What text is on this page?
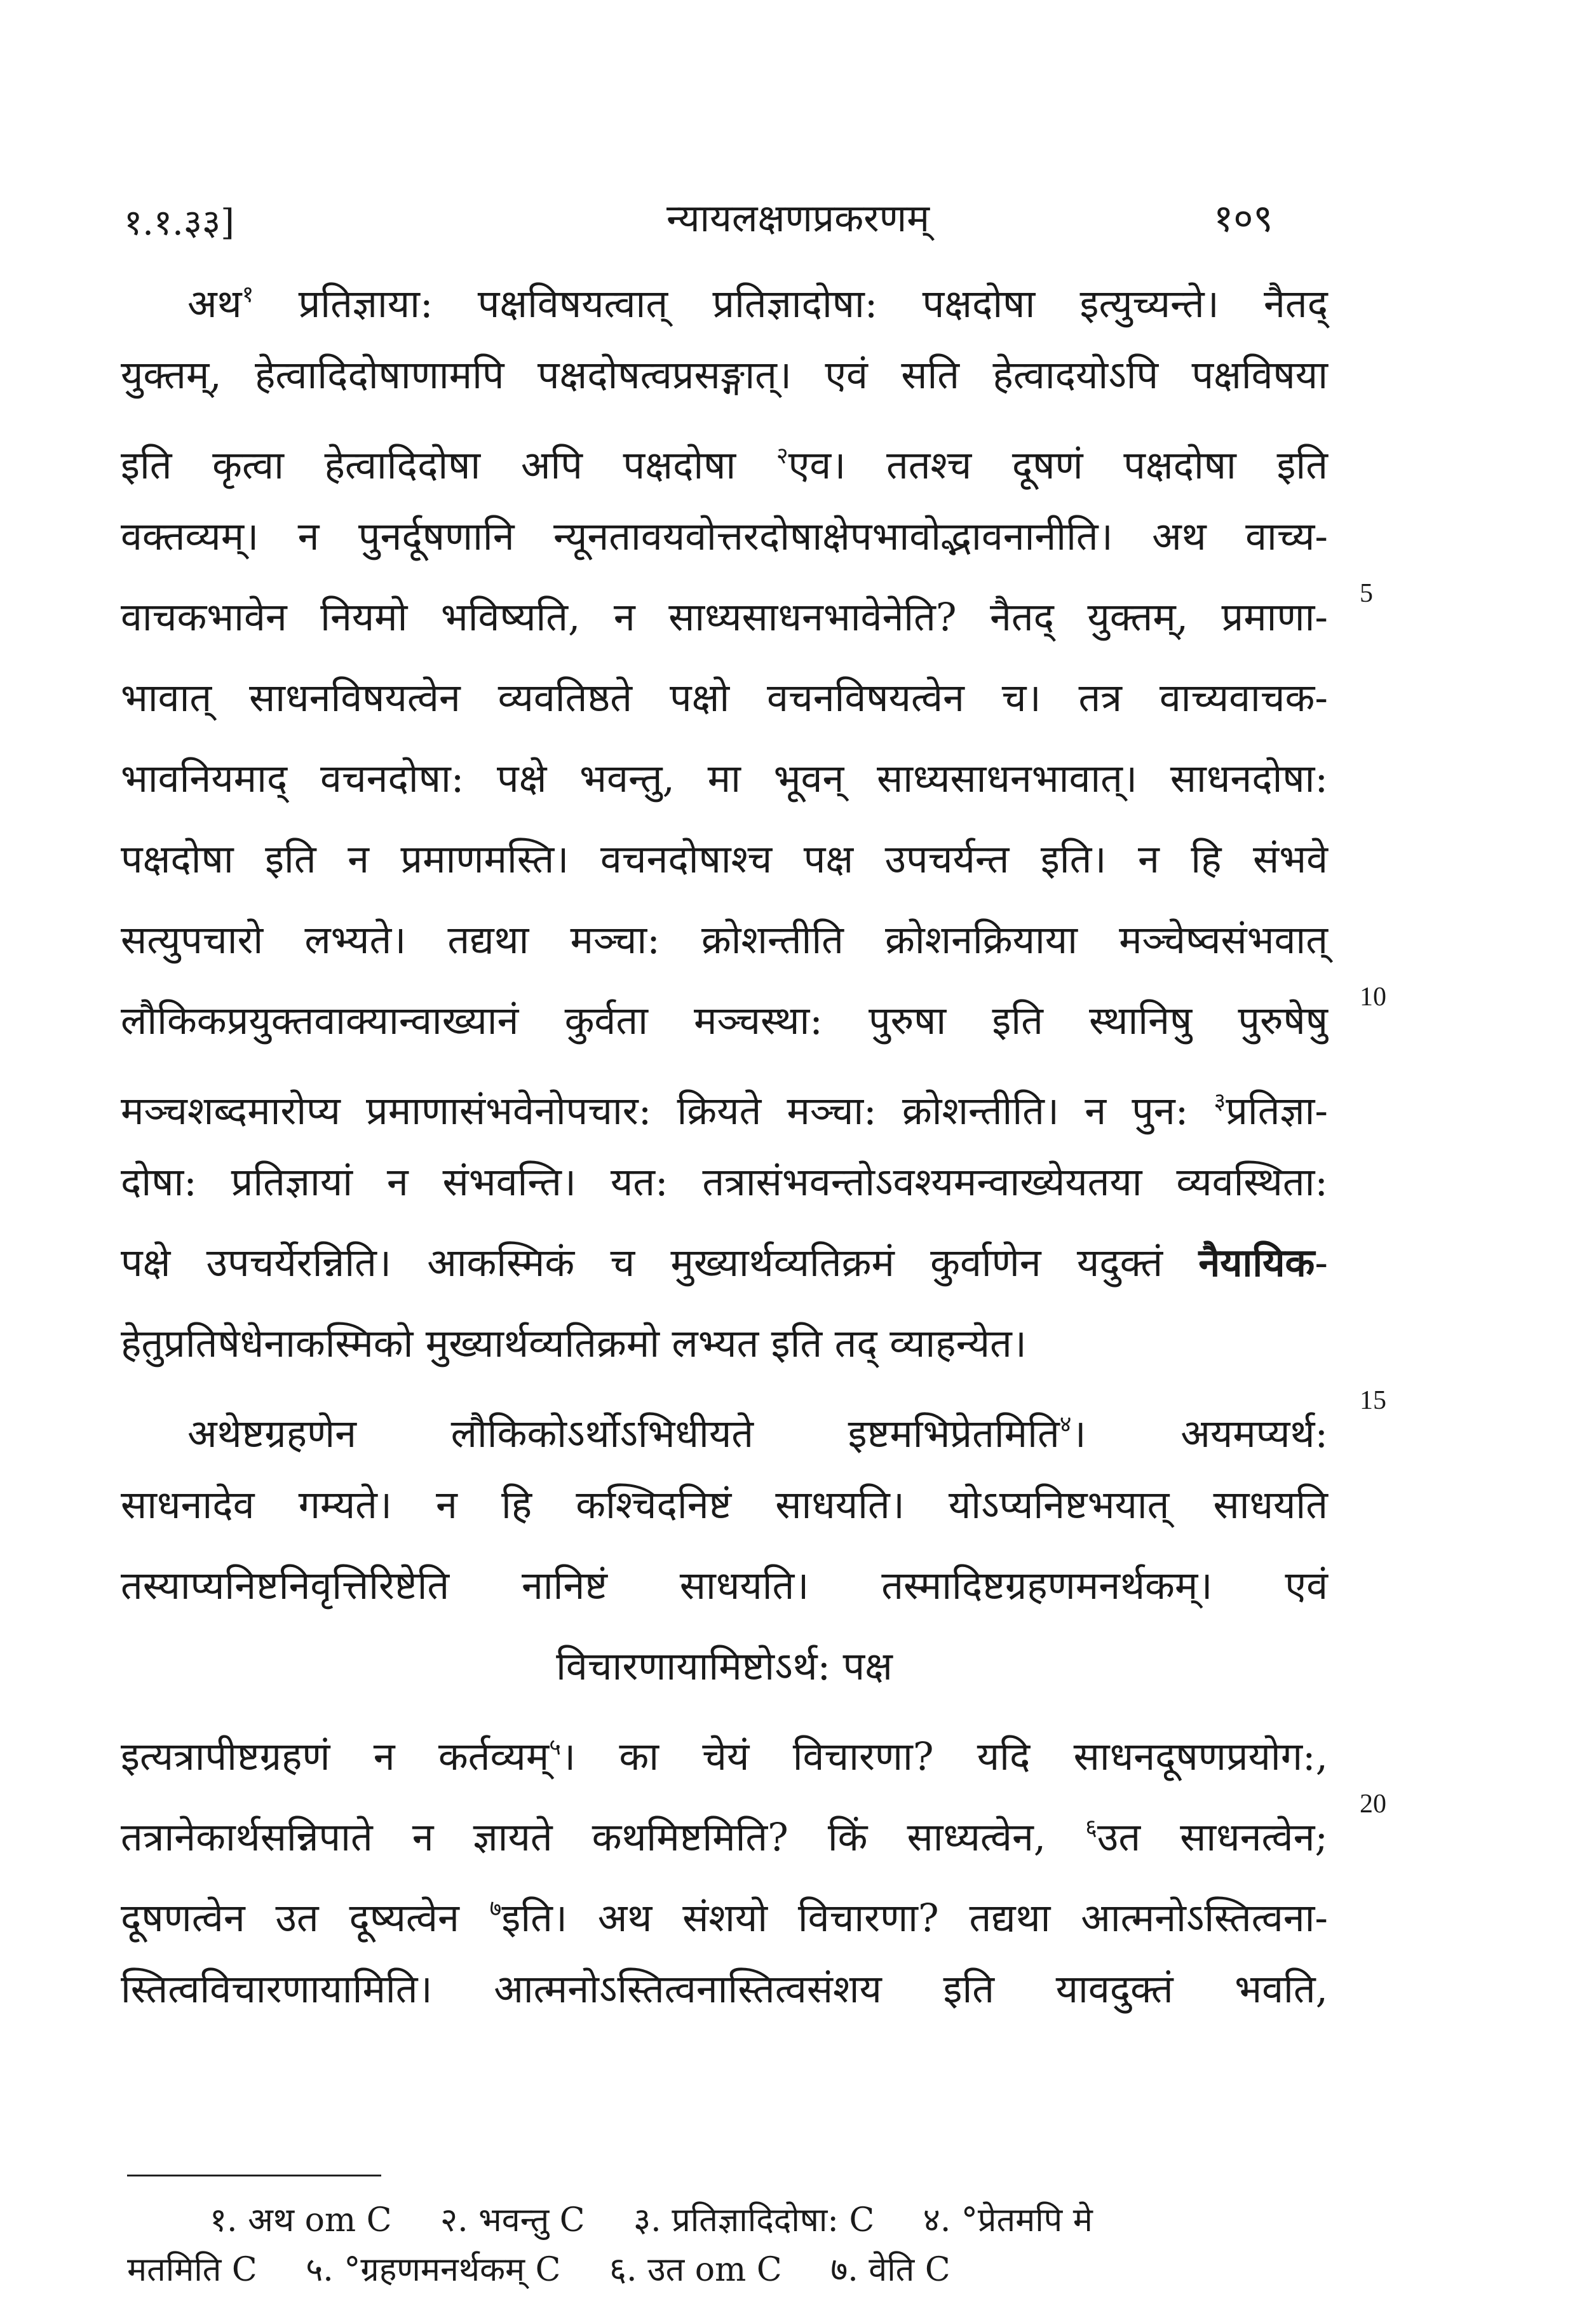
१.१.३३]	न्यायलक्षणप्रकरणम्	१०९
अथ$^१$ प्रतिज्ञाया: पक्षविषयत्वात् प्रतिज्ञादोषा: पक्षदोषा इत्युच्यन्ते। नैतद्
युक्तम्, हेत्वादिदोषाणामपि पक्षदोषत्वप्रसङ्गात्। एवं सति हेत्वादयोऽपि पक्षविषया
इति कृत्वा हेत्वादिदोषा अपि पक्षदोषा $^२$एव। ततश्च दूषणं पक्षदोषा इति
वक्तव्यम्। न पुनर्दूषणानि न्यूनतावयवोत्तरदोषाक्षेपभावोद्भावनानीति। अथ वाच्य-
वाचकभावेन नियमो भविष्यति, न साध्यसाधनभावेनेति? नैतद् युक्तम्, प्रमाणा-
भावात् साधनविषयत्वेन व्यवतिष्ठते पक्षो वचनविषयत्वेन च। तत्र वाच्यवाचक-
भावनियमाद् वचनदोषा: पक्षे भवन्तु, मा भूवन् साध्यसाधनभावात्। साधनदोषा:
पक्षदोषा इति न प्रमाणमस्ति। वचनदोषाश्च पक्ष उपचर्यन्त इति। न हि संभवे
सत्युपचारो लभ्यते। तद्यथा मञ्चा: क्रोशन्तीति क्रोशनक्रियाया मञ्चेष्वसंभवात्
लौकिकप्रयुक्तवाक्यान्वाख्यानं कुर्वता मञ्चस्था: पुरुषा इति स्थानिषु पुरुषेषु
मञ्चशब्दमारोप्य प्रमाणासंभवेनोपचार: क्रियते मञ्चा: क्रोशन्तीति। न पुन: $^३$प्रतिज्ञा-
दोषा: प्रतिज्ञायां न संभवन्ति। यत: तत्रासंभवन्तोऽवश्यमन्वाख्येयतया व्यवस्थिता:
पक्षे उपचर्येरन्निति। आकस्मिकं च मुख्यार्थव्यतिक्रमं कुर्वाणेन यदुक्तं नैयायिक-
हेतुप्रतिषेधेनाकस्मिको मुख्यार्थव्यतिक्रमो लभ्यत इति तद् व्याहन्येत।
अथेष्टग्रहणेन लौकिकोऽर्थोऽभिधीयते इष्टमभिप्रेतमिति$^४$। अयमप्यर्थ:
साधनादेव गम्यते। न हि कश्चिदनिष्टं साधयति। योऽप्यनिष्टभयात् साधयति
तस्याप्यनिष्टनिवृत्तिरिष्टेति नानिष्टं साधयति। तस्मादिष्टग्रहणमनर्थकम्। एवं
विचारणायामिष्टोऽर्थ: पक्ष
इत्यत्रापीष्टग्रहणं न कर्तव्यम्$^५$। का चेयं विचारणा? यदि साधनदूषणप्रयोग:,
तत्रानेकार्थसन्निपाते न ज्ञायते कथमिष्टमिति? किं साध्यत्वेन, $^६$उत साधनत्वेन;
दूषणत्वेन उत दूष्यत्वेन $^७$इति। अथ संशयो विचारणा? तद्यथा आत्मनोऽस्तित्वना-
स्तित्वविचारणायामिति। आत्मनोऽस्तित्वनास्तित्वसंशय इति यावदुक्तं भवति,
5
10
15
20
१. अथ om C २. भवन्तु C ३. प्रतिज्ञादिदोषा: C ४. °प्रेतमपि मे
मतमिति C ५. °ग्रहणमनर्थकम् C ६. उत om C ७. वेति C
